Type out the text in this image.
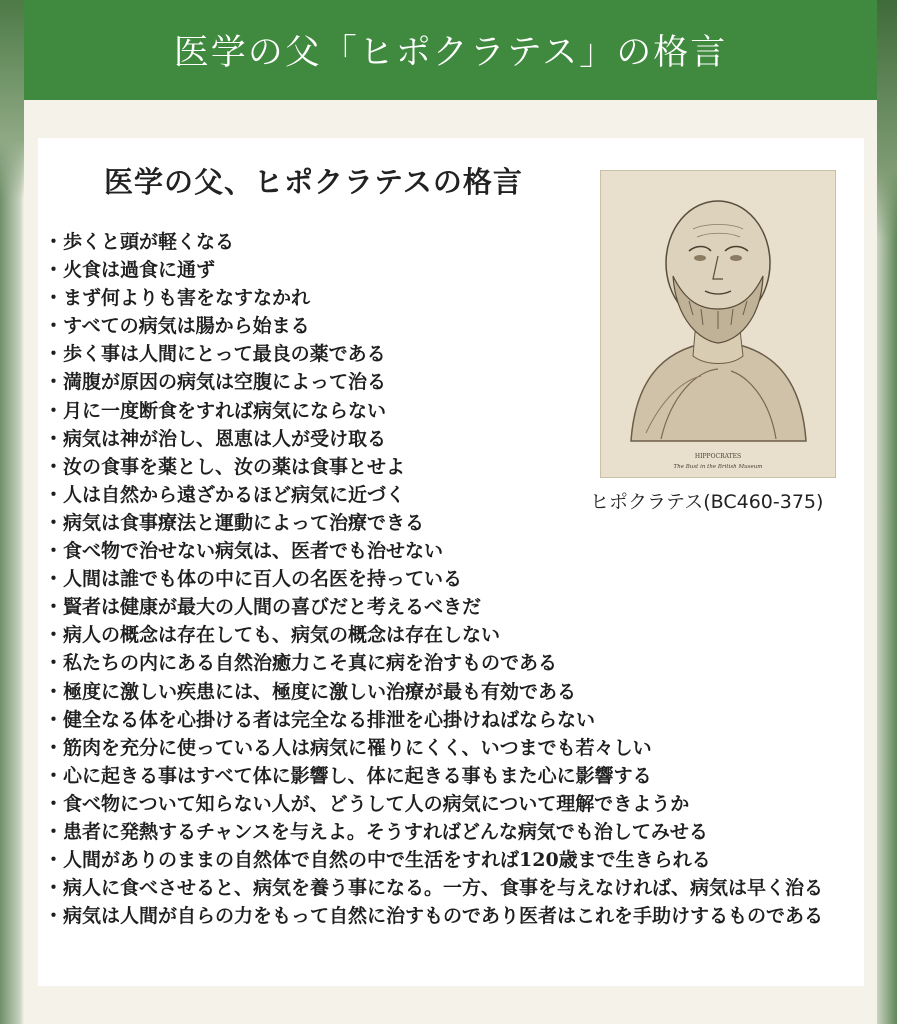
医学の父「ヒポクラテス」の格言
医学の父、ヒポクラテスの格言
・歩くと頭が軽くなる
・火食は過食に通ず
・まず何よりも害をなすなかれ
・すべての病気は腸から始まる
・歩く事は人間にとって最良の薬である
・満腹が原因の病気は空腹によって治る
・月に一度断食をすれば病気にならない
・病気は神が治し、恩恵は人が受け取る
・汝の食事を薬とし、汝の薬は食事とせよ
・人は自然から遠ざかるほど病気に近づく
・病気は食事療法と運動によって治療できる
・食べ物で治せない病気は、医者でも治せない
・人間は誰でも体の中に百人の名医を持っている
・賢者は健康が最大の人間の喜びだと考えるべきだ
・病人の概念は存在しても、病気の概念は存在しない
・私たちの内にある自然治癒力こそ真に病を治すものである
・極度に激しい疾患には、極度に激しい治療が最も有効である
・健全なる体を心掛ける者は完全なる排泄を心掛けねばならない
・筋肉を充分に使っている人は病気に罹りにくく、いつまでも若々しい
・心に起きる事はすべて体に影響し、体に起きる事もまた心に影響する
・食べ物について知らない人が、どうして人の病気について理解できようか
・患者に発熱するチャンスを与えよ。そうすればどんな病気でも治してみせる
・人間がありのままの自然体で自然の中で生活をすれば120歳まで生きられる
・病人に食べさせると、病気を養う事になる。一方、食事を与えなければ、病気は早く治る
・病気は人間が自らの力をもって自然に治すものであり医者はこれを手助けするものである
HIPPOCRATES
The Bust in the British Museum
ヒポクラテス(BC460-375)
